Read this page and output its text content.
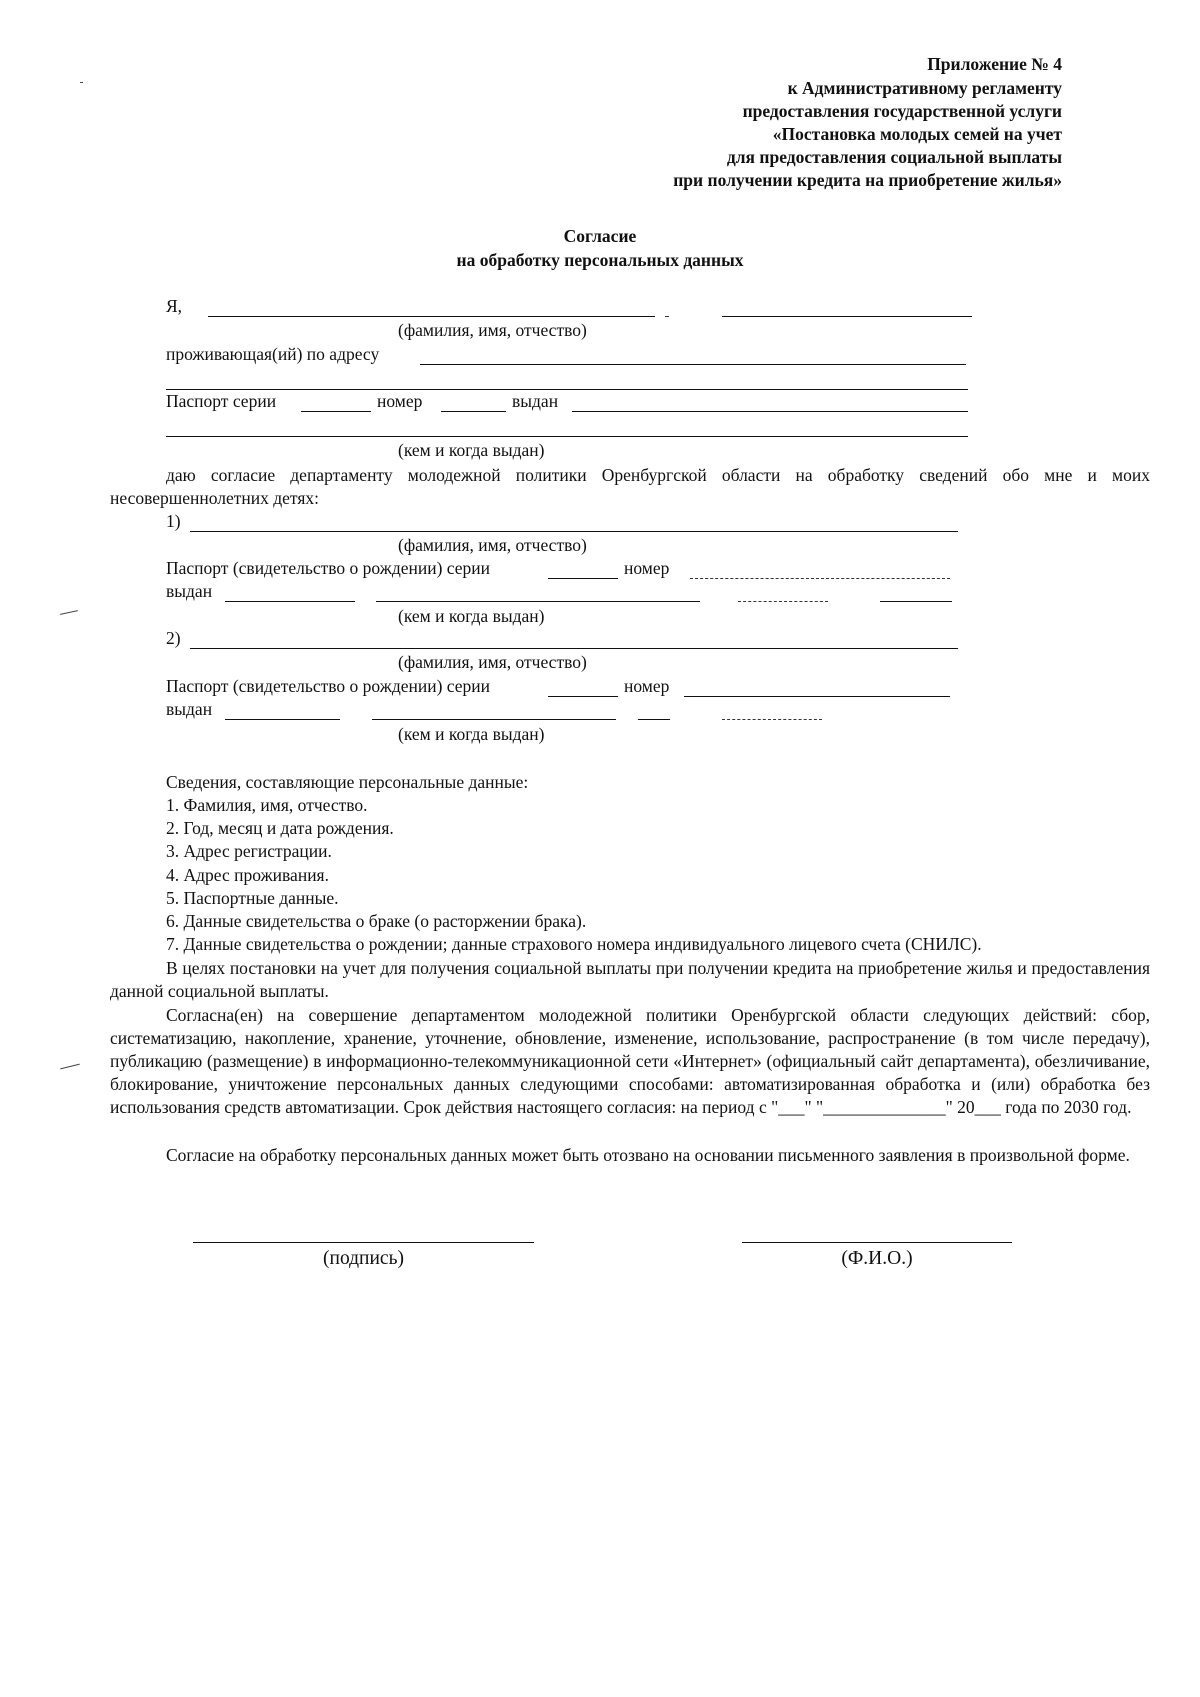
Приложение № 4
к Административному регламенту
предоставления государственной услуги
«Постановка молодых семей на учет
для предоставления социальной выплаты
при получении кредита на приобретение жилья»
Согласие
на обработку персональных данных
Я,
(фамилия, имя, отчество)
проживающая(ий) по адресу
Паспорт серии	номер	выдан
(кем и когда выдан)
даю согласие департаменту молодежной политики Оренбургской области на обработку сведений обо мне и моих несовершеннолетних детях:
1)
(фамилия, имя, отчество)
Паспорт (свидетельство о рождении) серии	номер
выдан
(кем и когда выдан)
2)
(фамилия, имя, отчество)
Паспорт (свидетельство о рождении) серии	номер
выдан
(кем и когда выдан)
Сведения, составляющие персональные данные:
1. Фамилия, имя, отчество.
2. Год, месяц и дата рождения.
3. Адрес регистрации.
4. Адрес проживания.
5. Паспортные данные.
6. Данные свидетельства о браке (о расторжении брака).
7. Данные свидетельства о рождении; данные страхового номера индивидуального лицевого счета (СНИЛС).
В целях постановки на учет для получения социальной выплаты при получении кредита на приобретение жилья и предоставления данной социальной выплаты.
Согласна(ен) на совершение департаментом молодежной политики Оренбургской области следующих действий: сбор, систематизацию, накопление, хранение, уточнение, обновление, изменение, использование, распространение (в том числе передачу), публикацию (размещение) в информационно-телекоммуникационной сети «Интернет» (официальный сайт департамента), обезличивание, блокирование, уничтожение персональных данных следующими способами: автоматизированная обработка и (или) обработка без использования средств автоматизации. Срок действия настоящего согласия: на период с "___" "______________" 20___ года по 2030 год.
Согласие на обработку персональных данных может быть отозвано на основании письменного заявления в произвольной форме.
(подпись)	(Ф.И.О.)
